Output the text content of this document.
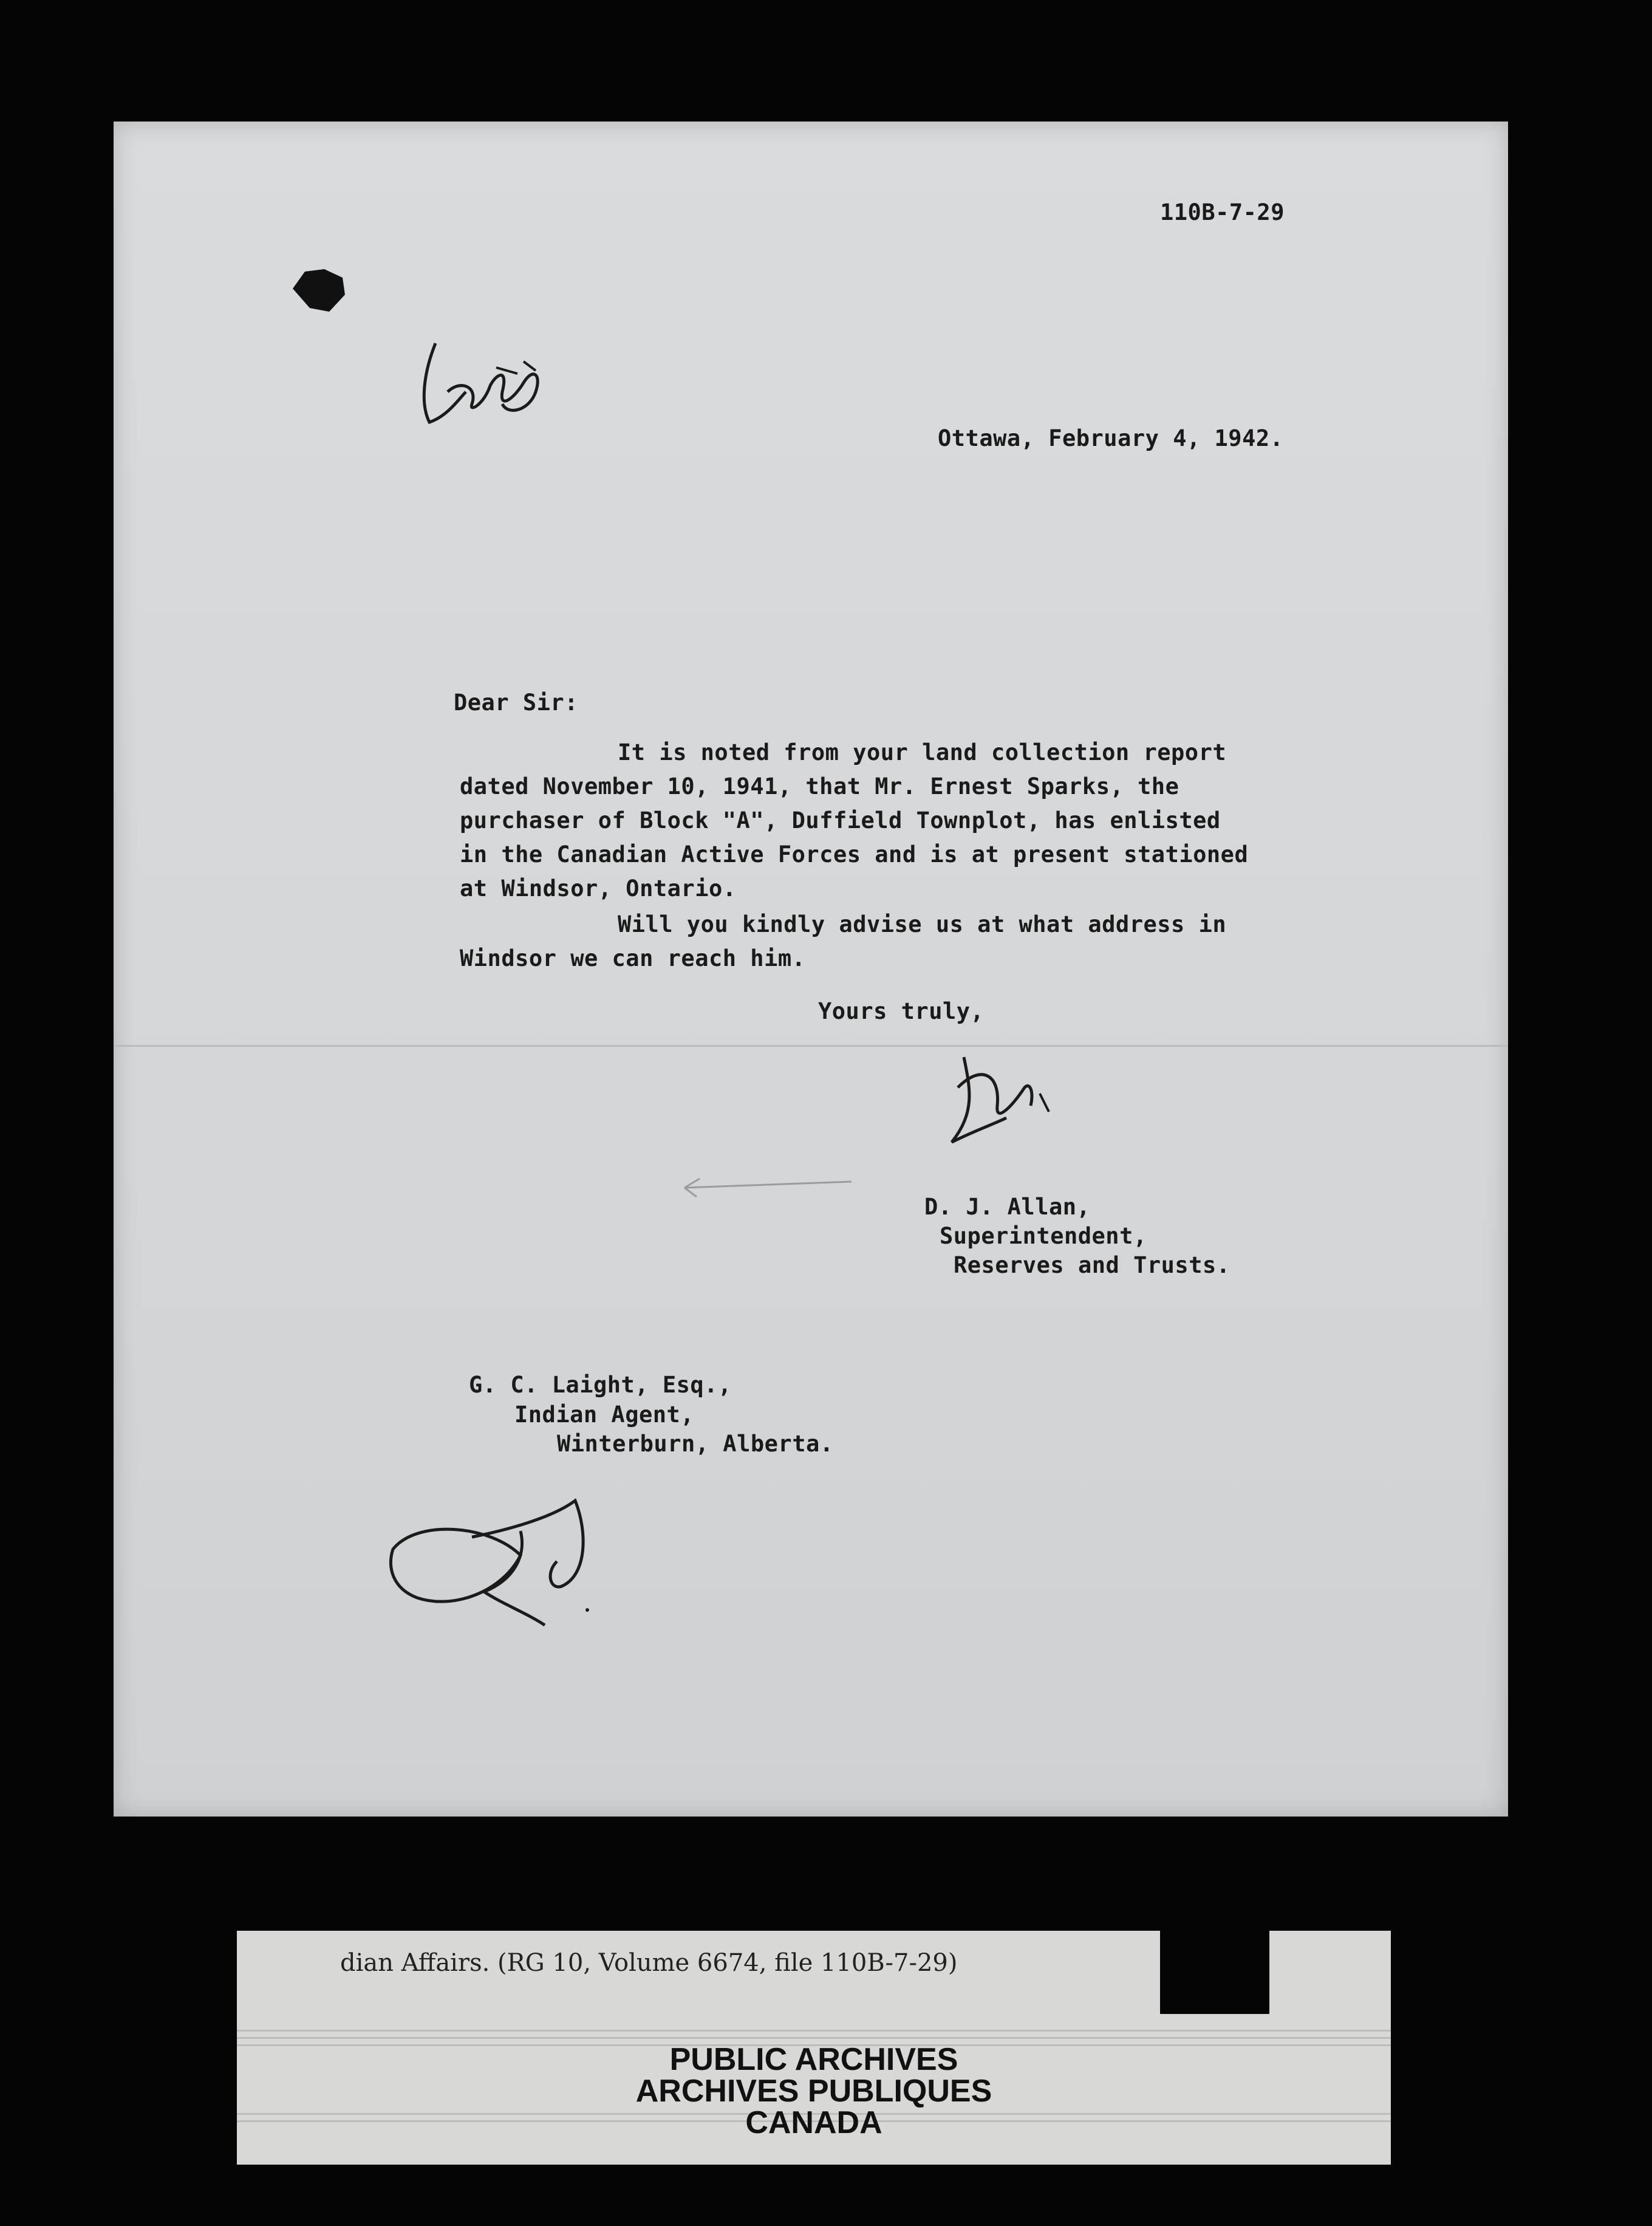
110B-7-29
Ottawa, February 4, 1942.
Dear Sir:
It is noted from your land collection report
dated November 10, 1941, that Mr. Ernest Sparks, the
purchaser of Block "A", Duffield Townplot, has enlisted
in the Canadian Active Forces and is at present stationed
at Windsor, Ontario.
Will you kindly advise us at what address in
Windsor we can reach him.
Yours truly,
D. J. Allan,
Superintendent,
Reserves and Trusts.
G. C. Laight, Esq.,
Indian Agent,
Winterburn, Alberta.
dian Affairs. (RG 10, Volume 6674, file 110B-7-29)
PUBLIC ARCHIVES
ARCHIVES PUBLIQUES
CANADA
